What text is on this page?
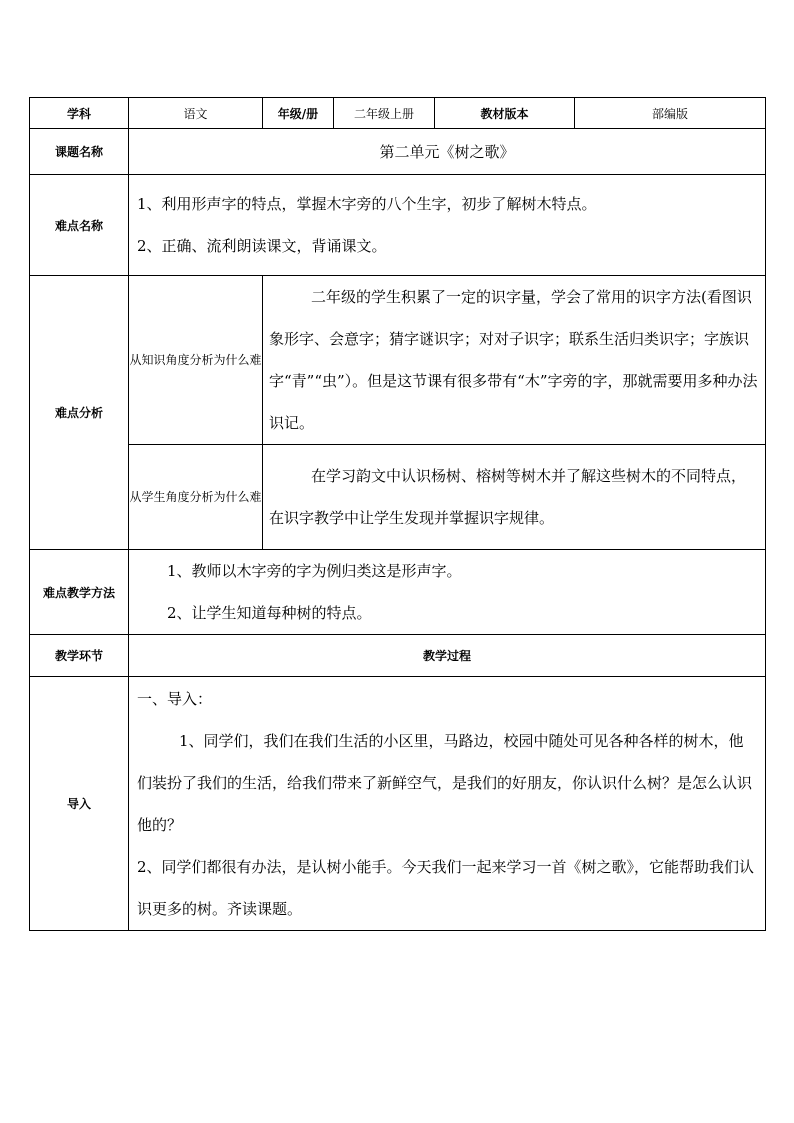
学科	语文	年级/册	二年级上册	教材版本	部编版
课题名称	第二单元《树之歌》				
难点名称	1、利用形声字的特点，掌握木字旁的八个生字，初步了解树木特点。

2、正确、流利朗读课文，背诵课文。				

难点分析	从知识角度分析为什么难	二年级的学生积累了一定的识字量，学会了常用的识字方法(看图识象形字、会意字；猜字谜识字；对对子识字；联系生活归类识字；字族识字“青”“虫”）。但是这节课有很多带有“木”字旁的字，那就需要用多种办法识记。			

	从学生角度分析为什么难	在学习韵文中认识杨树、榕树等树木并了解这些树木的不同特点，在识字教学中让学生发现并掌握识字规律。			

难点教学方法	1、教师以木字旁的字为例归类这是形声字。

2、让学生知道每种树的特点。				

教学环节	教学过程				
导入	一、导入：

1、同学们，我们在我们生活的小区里，马路边，校园中随处可见各种各样的树木，他们装扮了我们的生活，给我们带来了新鲜空气，是我们的好朋友，你认识什么树？是怎么认识他的？

2、同学们都很有办法，是认树小能手。今天我们一起来学习一首《树之歌》，它能帮助我们认识更多的树。齐读课题。				
